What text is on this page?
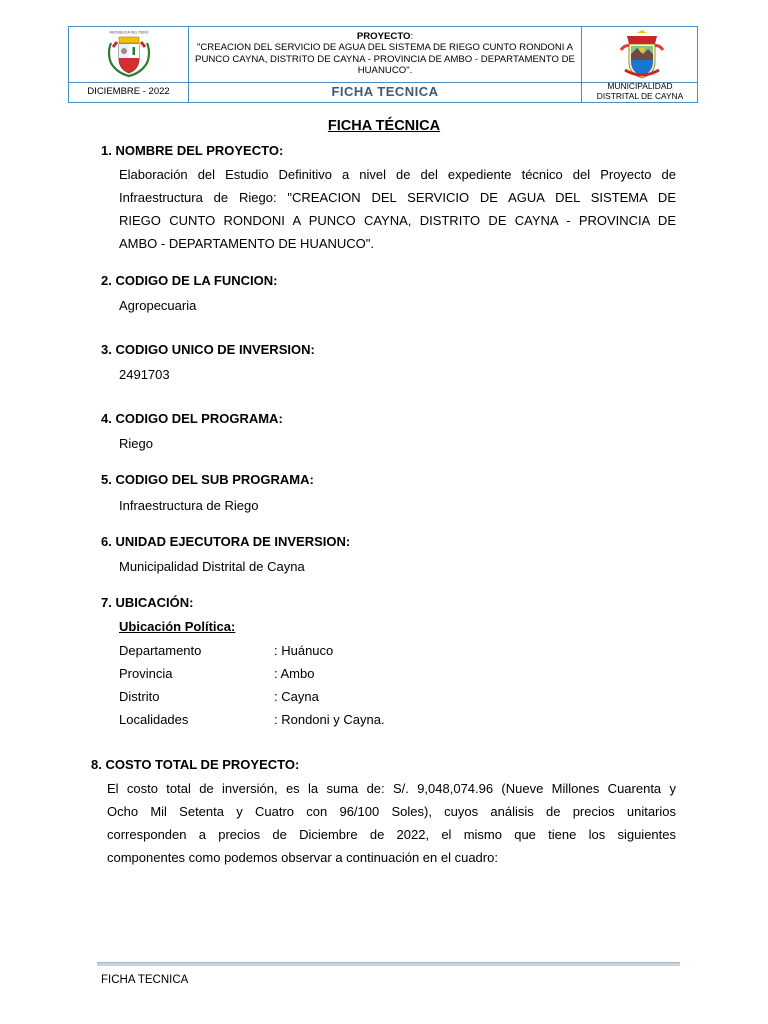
REPÚBLICA DEL PERÚ	PROYECTO:
"CREACION DEL SERVICIO DE AGUA DEL SISTEMA DE RIEGO CUNTO RONDONI A PUNCO CAYNA, DISTRITO DE CAYNA - PROVINCIA DE AMBO - DEPARTAMENTO DE HUANUCO".
DICIEMBRE - 2022	FICHA TECNICA	MUNICIPALIDAD
DISTRITAL DE CAYNA
FICHA TÉCNICA
1. NOMBRE DEL PROYECTO:
Elaboración del Estudio Definitivo a nivel de del expediente técnico del Proyecto de
Infraestructura de Riego: "CREACION DEL SERVICIO DE AGUA DEL SISTEMA DE
RIEGO CUNTO RONDONI A PUNCO CAYNA, DISTRITO DE CAYNA - PROVINCIA DE
AMBO - DEPARTAMENTO DE HUANUCO".
2. CODIGO DE LA FUNCION:
Agropecuaria
3. CODIGO UNICO DE INVERSION:
2491703
4. CODIGO DEL PROGRAMA:
Riego
5. CODIGO DEL SUB PROGRAMA:
Infraestructura de Riego
6. UNIDAD EJECUTORA DE INVERSION:
Municipalidad Distrital de Cayna
7. UBICACIÓN:
Ubicación Política:
Departamento	: Huánuco
Provincia	: Ambo
Distrito	: Cayna
Localidades	: Rondoni y Cayna.
8. COSTO TOTAL DE PROYECTO:
El costo total de inversión, es la suma de: S/. 9,048,074.96 (Nueve Millones Cuarenta y
Ocho Mil Setenta y Cuatro con 96/100 Soles), cuyos análisis de precios unitarios
corresponden a precios de Diciembre de 2022, el mismo que tiene los siguientes
componentes como podemos observar a continuación en el cuadro:
FICHA TECNICA
